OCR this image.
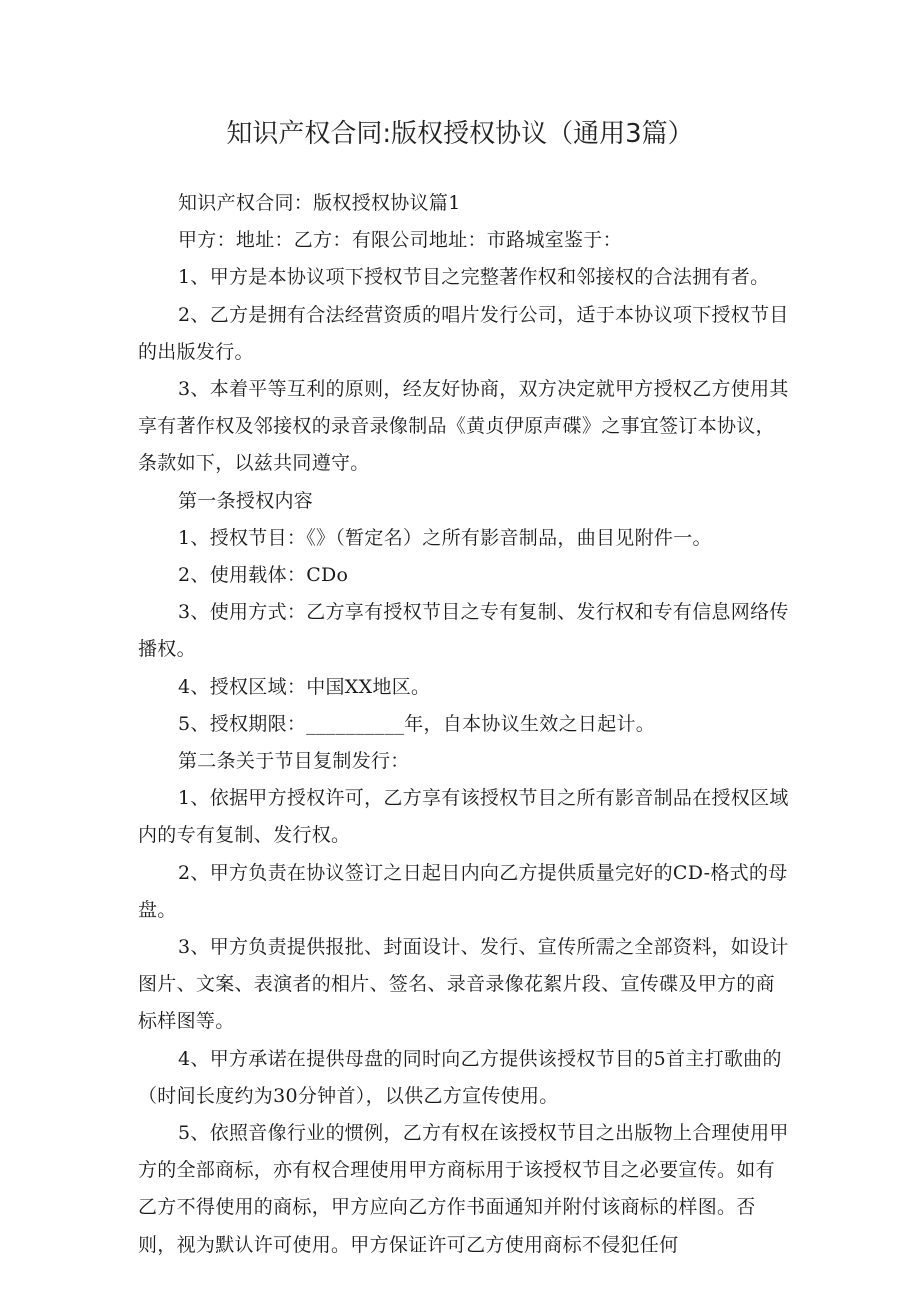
知识产权合同:版权授权协议（通用3篇）

知识产权合同：版权授权协议篇1

甲方：地址：乙方：有限公司地址：市路城室鉴于：

1、甲方是本协议项下授权节目之完整著作权和邻接权的合法拥有者。

2、乙方是拥有合法经营资质的唱片发行公司，适于本协议项下授权节目的出版发行。

3、本着平等互利的原则，经友好协商，双方决定就甲方授权乙方使用其享有著作权及邻接权的录音录像制品《黄贞伊原声碟》之事宜签订本协议，条款如下，以兹共同遵守。

第一条授权内容

1、授权节目：《》（暂定名）之所有影音制品，曲目见附件一。

2、使用载体：CDo

3、使用方式：乙方享有授权节目之专有复制、发行权和专有信息网络传播权。

4、授权区域：中国XX地区。

5、授权期限：__________年，自本协议生效之日起计。

第二条关于节目复制发行：

1、依据甲方授权许可，乙方享有该授权节目之所有影音制品在授权区域内的专有复制、发行权。

2、甲方负责在协议签订之日起日内向乙方提供质量完好的CD-格式的母盘。

3、甲方负责提供报批、封面设计、发行、宣传所需之全部资料，如设计图片、文案、表演者的相片、签名、录音录像花絮片段、宣传碟及甲方的商标样图等。

4、甲方承诺在提供母盘的同时向乙方提供该授权节目的5首主打歌曲的（时间长度约为30分钟首），以供乙方宣传使用。

5、依照音像行业的惯例，乙方有权在该授权节目之出版物上合理使用甲方的全部商标，亦有权合理使用甲方商标用于该授权节目之必要宣传。如有乙方不得使用的商标，甲方应向乙方作书面通知并附付该商标的样图。否则，视为默认许可使用。甲方保证许可乙方使用商标不侵犯任何
